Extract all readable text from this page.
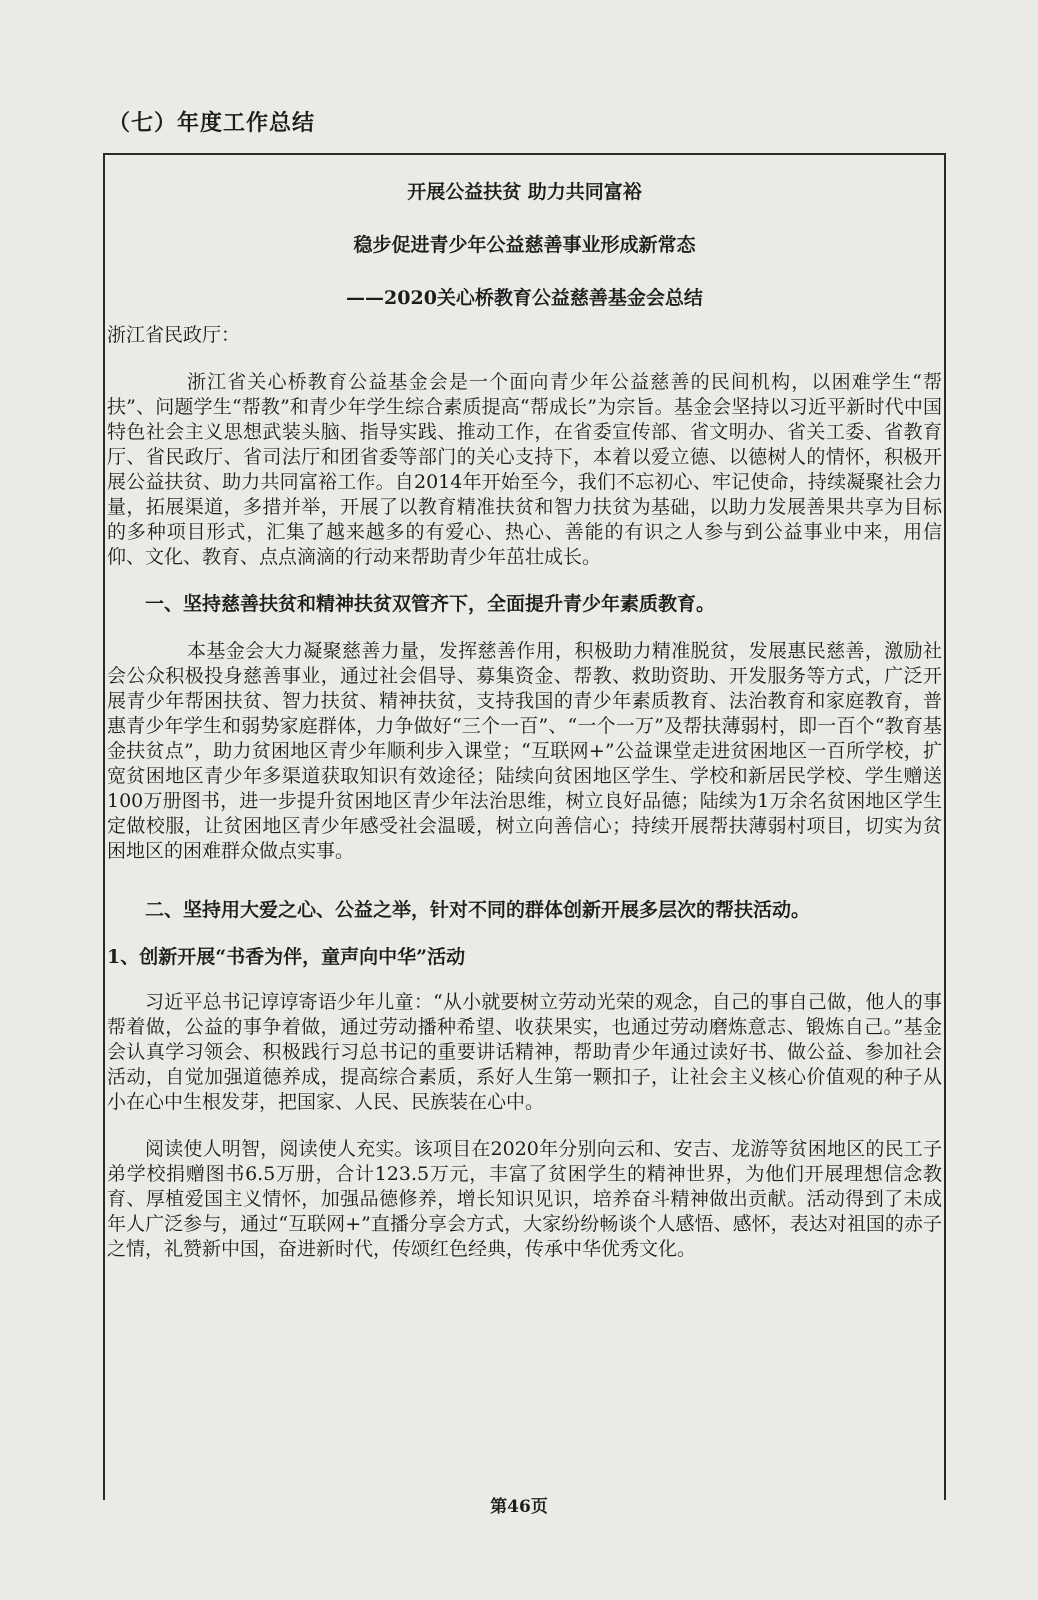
（七）年度工作总结

开展公益扶贫 助力共同富裕

稳步促进青少年公益慈善事业形成新常态

——2020关心桥教育公益慈善基金会总结

浙江省民政厅：

浙江省关心桥教育公益基金会是一个面向青少年公益慈善的民间机构，以困难学生“帮扶”、问题学生“帮教”和青少年学生综合素质提高“帮成长”为宗旨。基金会坚持以习近平新时代中国特色社会主义思想武装头脑、指导实践、推动工作，在省委宣传部、省文明办、省关工委、省教育厅、省民政厅、省司法厅和团省委等部门的关心支持下，本着以爱立德、以德树人的情怀，积极开展公益扶贫、助力共同富裕工作。自2014年开始至今，我们不忘初心、牢记使命，持续凝聚社会力量，拓展渠道，多措并举，开展了以教育精准扶贫和智力扶贫为基础，以助力发展善果共享为目标的多种项目形式，汇集了越来越多的有爱心、热心、善能的有识之人参与到公益事业中来，用信仰、文化、教育、点点滴滴的行动来帮助青少年茁壮成长。

一、坚持慈善扶贫和精神扶贫双管齐下，全面提升青少年素质教育。

本基金会大力凝聚慈善力量，发挥慈善作用，积极助力精准脱贫，发展惠民慈善，激励社会公众积极投身慈善事业，通过社会倡导、募集资金、帮教、救助资助、开发服务等方式，广泛开展青少年帮困扶贫、智力扶贫、精神扶贫，支持我国的青少年素质教育、法治教育和家庭教育，普惠青少年学生和弱势家庭群体，力争做好“三个一百”、“一个一万”及帮扶薄弱村，即一百个“教育基金扶贫点”，助力贫困地区青少年顺利步入课堂；“互联网+”公益课堂走进贫困地区一百所学校，扩宽贫困地区青少年多渠道获取知识有效途径；陆续向贫困地区学生、学校和新居民学校、学生赠送100万册图书，进一步提升贫困地区青少年法治思维，树立良好品德；陆续为1万余名贫困地区学生定做校服，让贫困地区青少年感受社会温暖，树立向善信心；持续开展帮扶薄弱村项目，切实为贫困地区的困难群众做点实事。

二、坚持用大爱之心、公益之举，针对不同的群体创新开展多层次的帮扶活动。

1、创新开展“书香为伴，童声向中华”活动

习近平总书记谆谆寄语少年儿童：“从小就要树立劳动光荣的观念，自己的事自己做，他人的事帮着做，公益的事争着做，通过劳动播种希望、收获果实，也通过劳动磨炼意志、锻炼自己。”基金会认真学习领会、积极践行习总书记的重要讲话精神，帮助青少年通过读好书、做公益、参加社会活动，自觉加强道德养成，提高综合素质，系好人生第一颗扣子，让社会主义核心价值观的种子从小在心中生根发芽，把国家、人民、民族装在心中。

阅读使人明智，阅读使人充实。该项目在2020年分别向云和、安吉、龙游等贫困地区的民工子弟学校捐赠图书6.5万册，合计123.5万元，丰富了贫困学生的精神世界，为他们开展理想信念教育、厚植爱国主义情怀，加强品德修养，增长知识见识，培养奋斗精神做出贡献。活动得到了未成年人广泛参与，通过“互联网+”直播分享会方式，大家纷纷畅谈个人感悟、感怀，表达对祖国的赤子之情，礼赞新中国，奋进新时代，传颂红色经典，传承中华优秀文化。

第46页
